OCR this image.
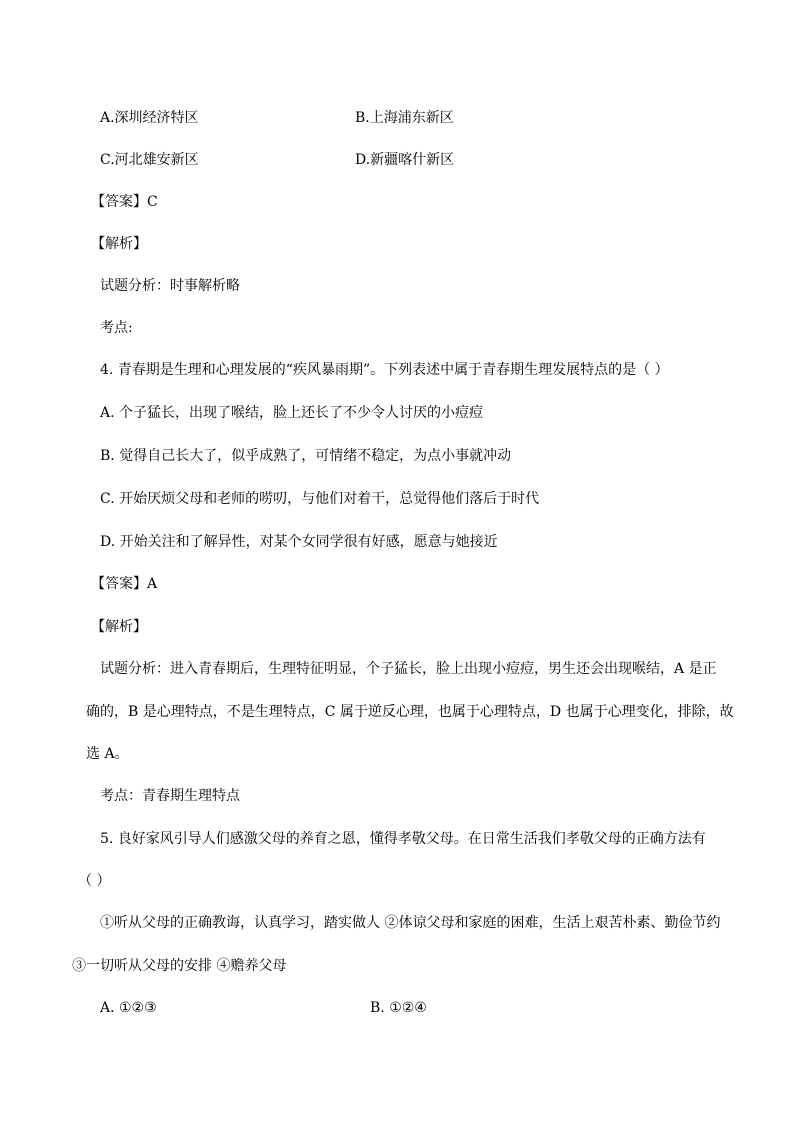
A.深圳经济特区	B.上海浦东新区
C.河北雄安新区	D.新疆喀什新区
【答案】C
【解析】
试题分析：时事解析略
考点:
4. 青春期是生理和心理发展的“疾风暴雨期”。下列表述中属于青春期生理发展特点的是（ ）
A. 个子猛长，出现了喉结，脸上还长了不少令人讨厌的小痘痘
B. 觉得自己长大了，似乎成熟了，可情绪不稳定，为点小事就冲动
C. 开始厌烦父母和老师的唠叨，与他们对着干，总觉得他们落后于时代
D. 开始关注和了解异性，对某个女同学很有好感，愿意与她接近
【答案】A
【解析】
试题分析：进入青春期后，生理特征明显，个子猛长，脸上出现小痘痘，男生还会出现喉结，A 是正
确的，B 是心理特点，不是生理特点，C 属于逆反心理，也属于心理特点，D 也属于心理变化，排除，故
选 A。
考点：青春期生理特点
5. 良好家风引导人们感激父母的养育之恩，懂得孝敬父母。在日常生活我们孝敬父母的正确方法有
（ ）
①听从父母的正确教诲，认真学习，踏实做人 ②体谅父母和家庭的困难，生活上艰苦朴素、勤俭节约
③一切听从父母的安排 ④赡养父母
A. ①②③	B. ①②④
